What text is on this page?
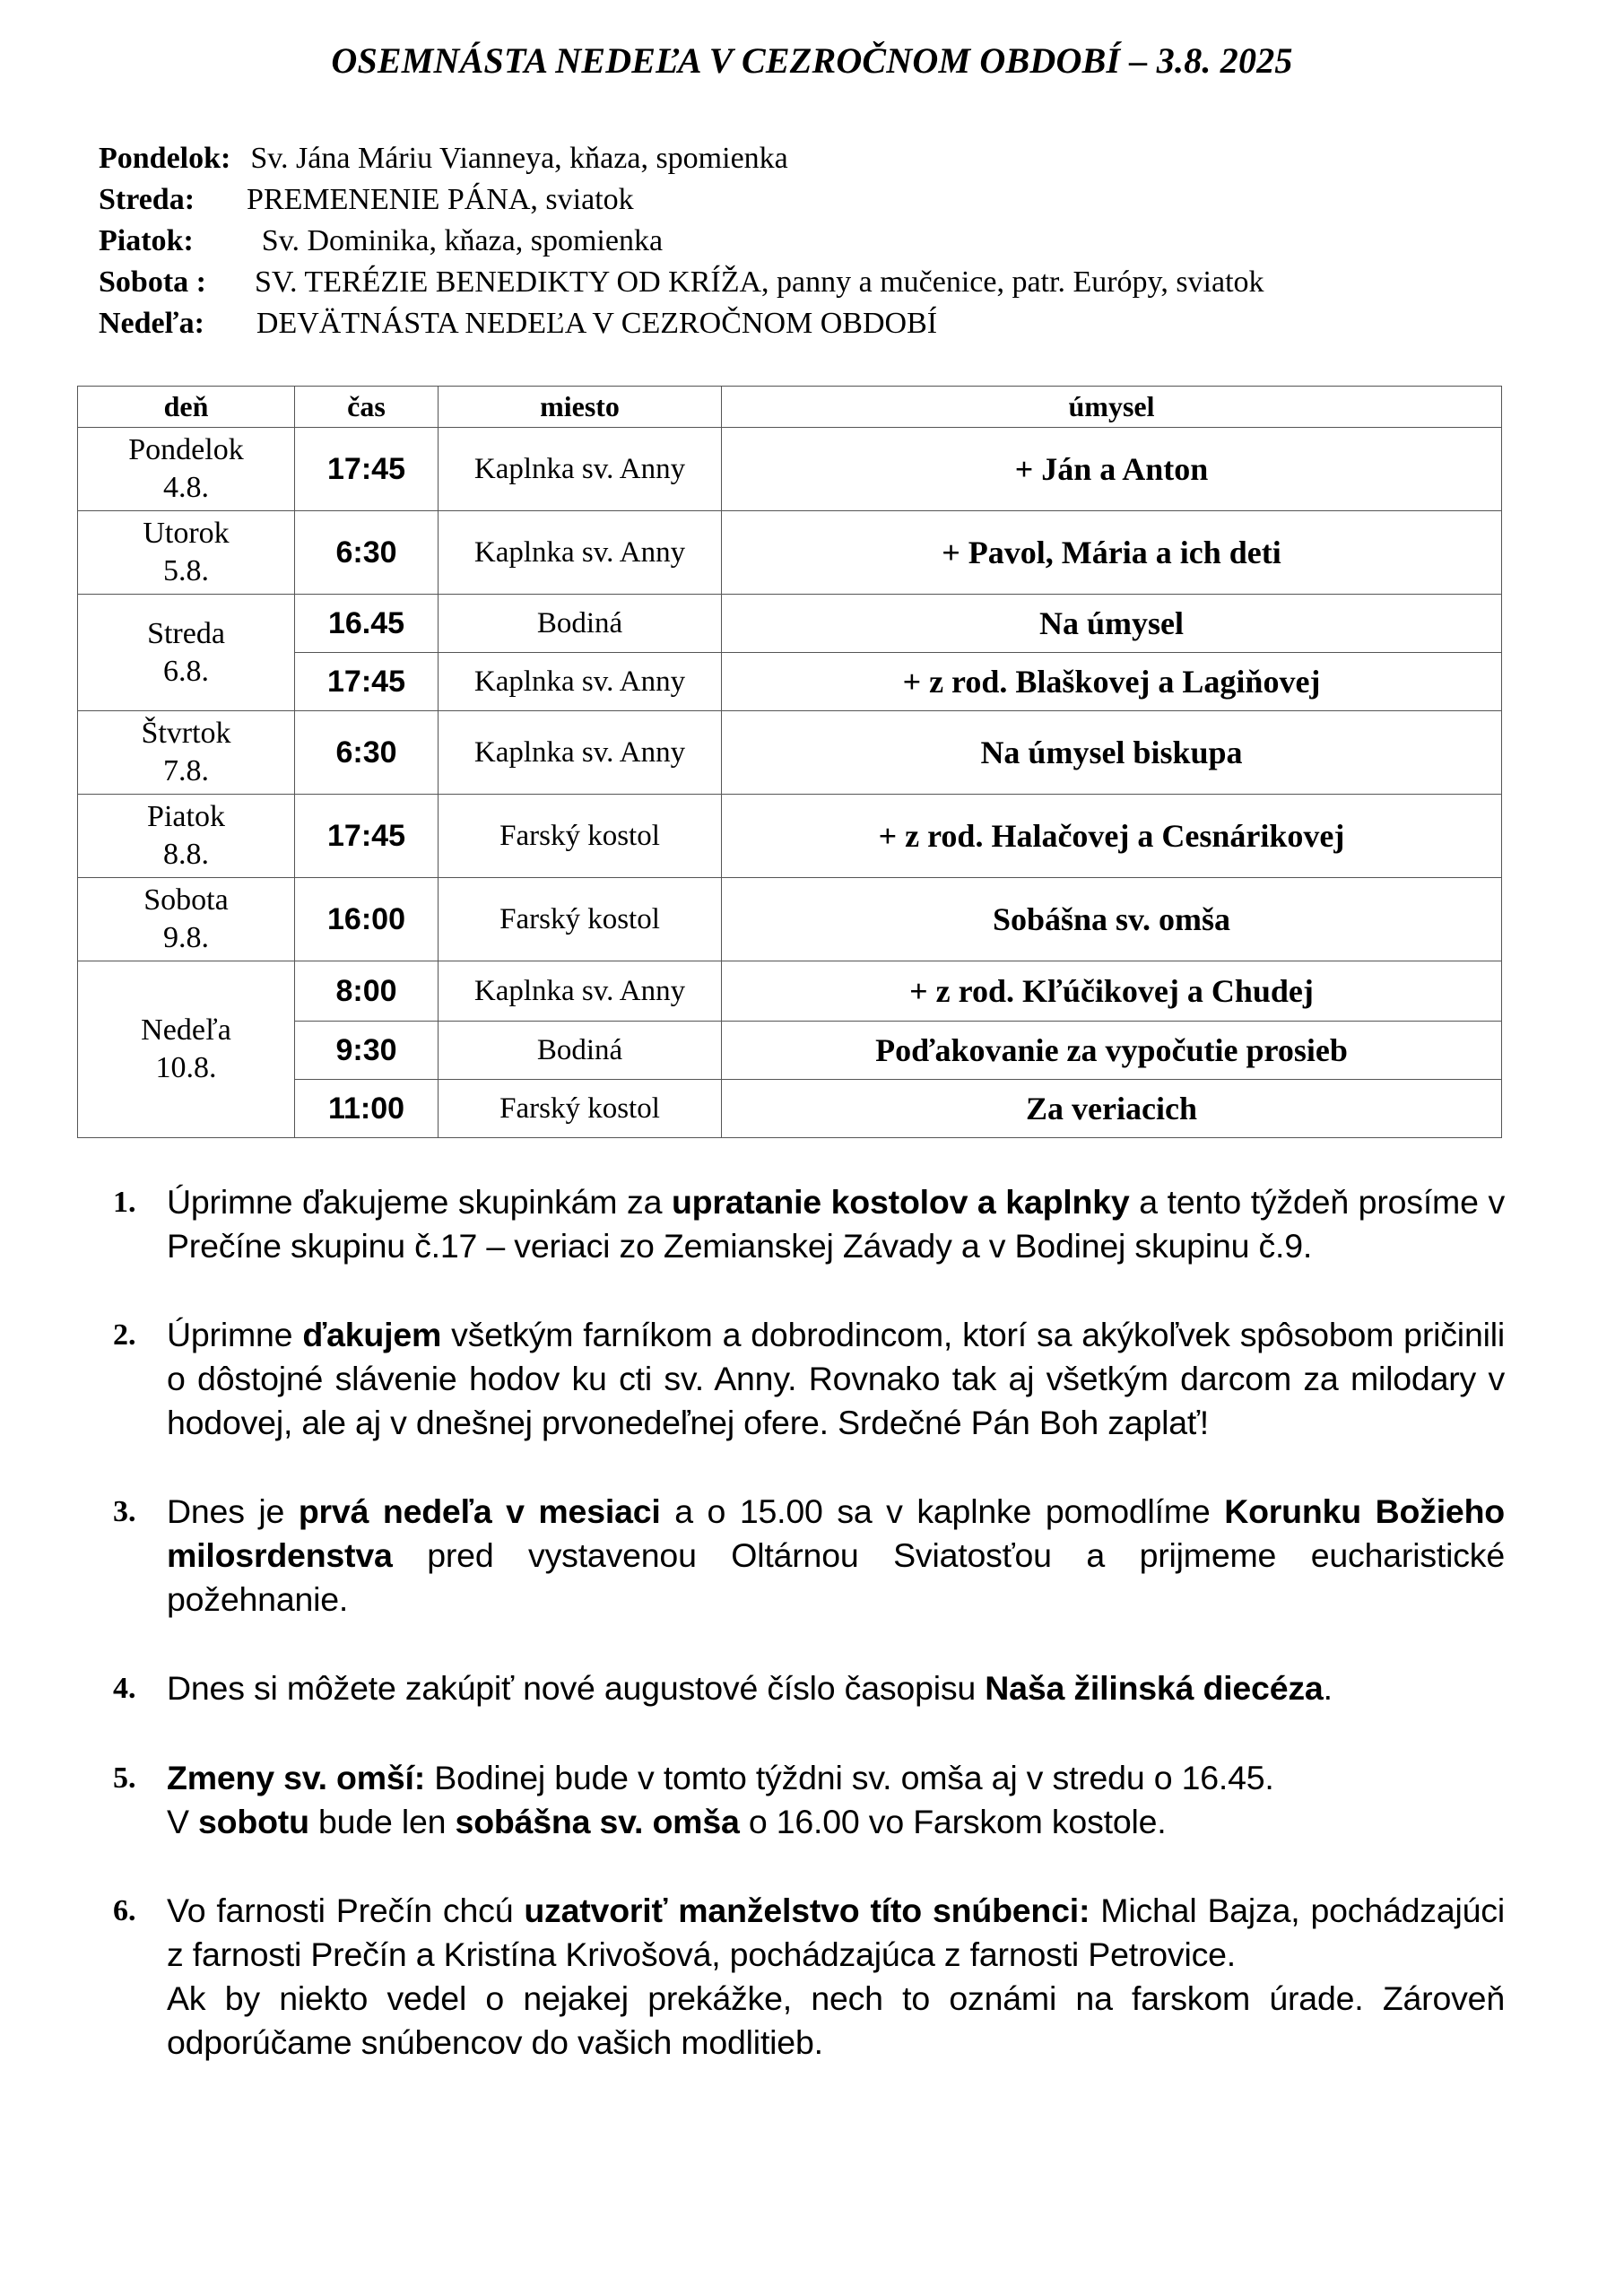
OSEMNÁSTA NEDEĽA V CEZROČNOM OBDOBÍ – 3.8. 2025
Pondelok: Sv. Jána Máriu Vianneya, kňaza, spomienka
Streda: PREMENENIE PÁNA, sviatok
Piatok: Sv. Dominika, kňaza, spomienka
Sobota : SV. TERÉZIE BENEDIKTY OD KRÍŽA, panny a mučenice, patr. Európy, sviatok
Nedeľa: DEVÄTNÁSTA NEDEĽA V CEZROČNOM OBDOBÍ
deň	čas	miesto	úmysel
Pondelok
4.8.	17:45	Kaplnka sv. Anny	+ Ján a Anton
Utorok
5.8.	6:30	Kaplnka sv. Anny	+ Pavol, Mária a ich deti
Streda
6.8.	16.45	Bodiná	Na úmysel
	17:45	Kaplnka sv. Anny	+ z rod. Blaškovej a Lagiňovej
Štvrtok
7.8.	6:30	Kaplnka sv. Anny	Na úmysel biskupa
Piatok
8.8.	17:45	Farský kostol	+ z rod. Halačovej a Cesnárikovej
Sobota
9.8.	16:00	Farský kostol	Sobášna sv. omša
Nedeľa
10.8.	8:00	Kaplnka sv. Anny	+ z rod. Kľúčikovej a Chudej
	9:30	Bodiná	Poďakovanie za vypočutie prosieb
	11:00	Farský kostol	Za veriacich
1. Úprimne ďakujeme skupinkám za upratanie kostolov a kaplnky a tento týždeň prosíme v Prečíne skupinu č.17 – veriaci zo Zemianskej Závady a v Bodinej skupinu č.9.

2. Úprimne ďakujem všetkým farníkom a dobrodincom, ktorí sa akýkoľvek spôsobom pričinili o dôstojné slávenie hodov ku cti sv. Anny. Rovnako tak aj všetkým darcom za milodary v hodovej, ale aj v dnešnej prvonedeľnej ofere. Srdečné Pán Boh zaplať!

3. Dnes je prvá nedeľa v mesiaci a o 15.00 sa v kaplnke pomodlíme Korunku Božieho milosrdenstva pred vystavenou Oltárnou Sviatosťou a prijmeme eucharistické požehnanie.

4. Dnes si môžete zakúpiť nové augustové číslo časopisu Naša žilinská diecéza.

5. Zmeny sv. omší: Bodinej bude v tomto týždni sv. omša aj v stredu o 16.45.

V sobotu bude len sobášna sv. omša o 16.00 vo Farskom kostole.

6. Vo farnosti Prečín chcú uzatvoriť manželstvo títo snúbenci: Michal Bajza, pochádzajúci z farnosti Prečín a Kristína Krivošová, pochádzajúca z farnosti Petrovice.

Ak by niekto vedel o nejakej prekážke, nech to oznámi na farskom úrade. Zároveň odporúčame snúbencov do vašich modlitieb.
